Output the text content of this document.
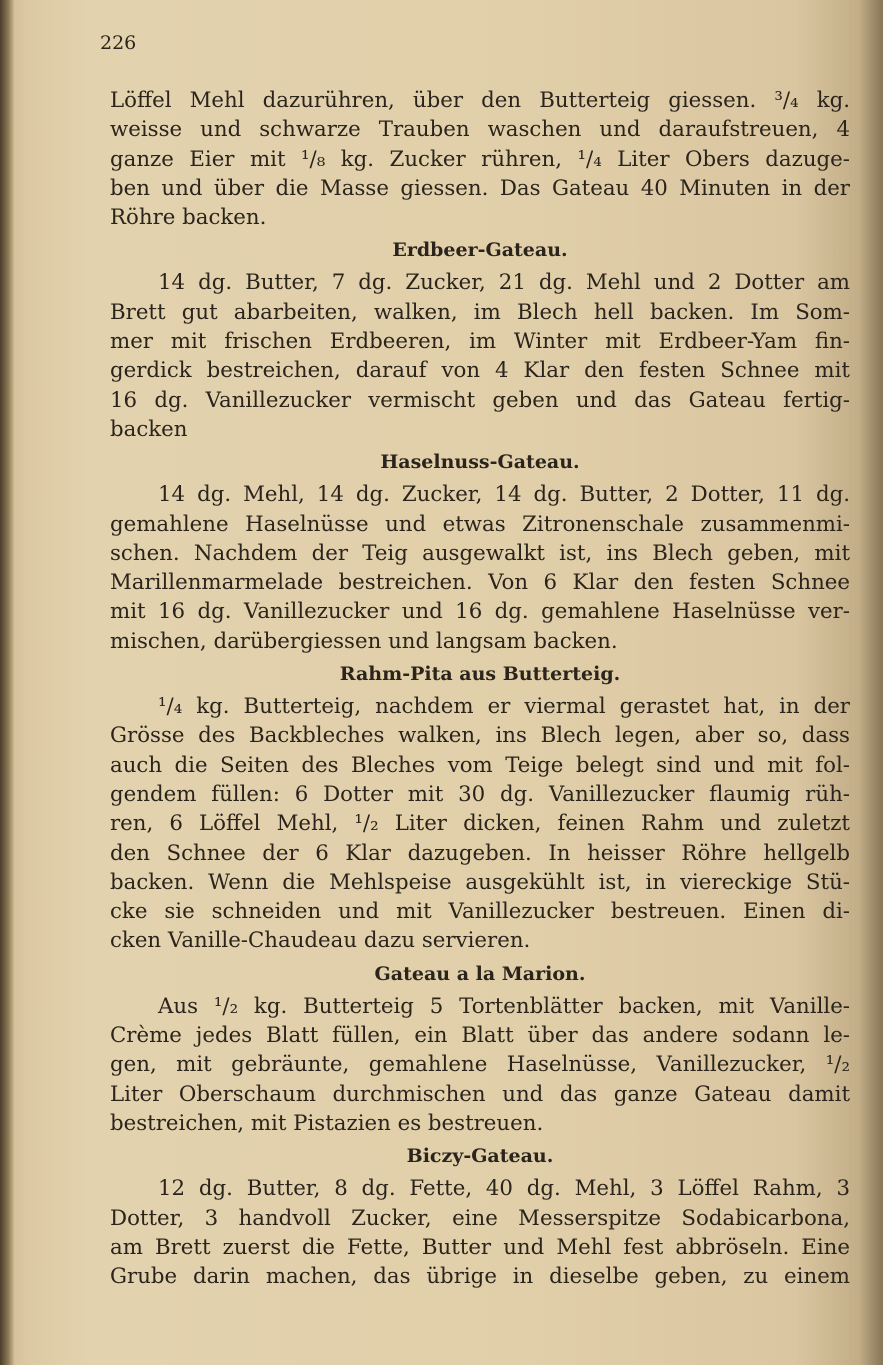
226
Löffel Mehl dazurühren, über den Butterteig giessen. ³/₄ kg.
weisse und schwarze Trauben waschen und daraufstreuen, 4
ganze Eier mit ¹/₈ kg. Zucker rühren, ¹/₄ Liter Obers dazuge-
ben und über die Masse giessen. Das Gateau 40 Minuten in der
Röhre backen.
Erdbeer-Gateau.
14 dg. Butter, 7 dg. Zucker, 21 dg. Mehl und 2 Dotter am
Brett gut abarbeiten, walken, im Blech hell backen. Im Som-
mer mit frischen Erdbeeren, im Winter mit Erdbeer-Yam fin-
gerdick bestreichen, darauf von 4 Klar den festen Schnee mit
16 dg. Vanillezucker vermischt geben und das Gateau fertig-
backen
Haselnuss-Gateau.
14 dg. Mehl, 14 dg. Zucker, 14 dg. Butter, 2 Dotter, 11 dg.
gemahlene Haselnüsse und etwas Zitronenschale zusammenmi-
schen. Nachdem der Teig ausgewalkt ist, ins Blech geben, mit
Marillenmarmelade bestreichen. Von 6 Klar den festen Schnee
mit 16 dg. Vanillezucker und 16 dg. gemahlene Haselnüsse ver-
mischen, darübergiessen und langsam backen.
Rahm-Pita aus Butterteig.
¹/₄ kg. Butterteig, nachdem er viermal gerastet hat, in der
Grösse des Backbleches walken, ins Blech legen, aber so, dass
auch die Seiten des Bleches vom Teige belegt sind und mit fol-
gendem füllen: 6 Dotter mit 30 dg. Vanillezucker flaumig rüh-
ren, 6 Löffel Mehl, ¹/₂ Liter dicken, feinen Rahm und zuletzt
den Schnee der 6 Klar dazugeben. In heisser Röhre hellgelb
backen. Wenn die Mehlspeise ausgekühlt ist, in viereckige Stü-
cke sie schneiden und mit Vanillezucker bestreuen. Einen di-
cken Vanille-Chaudeau dazu servieren.
Gateau a la Marion.
Aus ¹/₂ kg. Butterteig 5 Tortenblätter backen, mit Vanille-
Crème jedes Blatt füllen, ein Blatt über das andere sodann le-
gen, mit gebräunte, gemahlene Haselnüsse, Vanillezucker, ¹/₂
Liter Oberschaum durchmischen und das ganze Gateau damit
bestreichen, mit Pistazien es bestreuen.
Biczy-Gateau.
12 dg. Butter, 8 dg. Fette, 40 dg. Mehl, 3 Löffel Rahm, 3
Dotter, 3 handvoll Zucker, eine Messerspitze Sodabicarbona,
am Brett zuerst die Fette, Butter und Mehl fest abbröseln. Eine
Grube darin machen, das übrige in dieselbe geben, zu einem
